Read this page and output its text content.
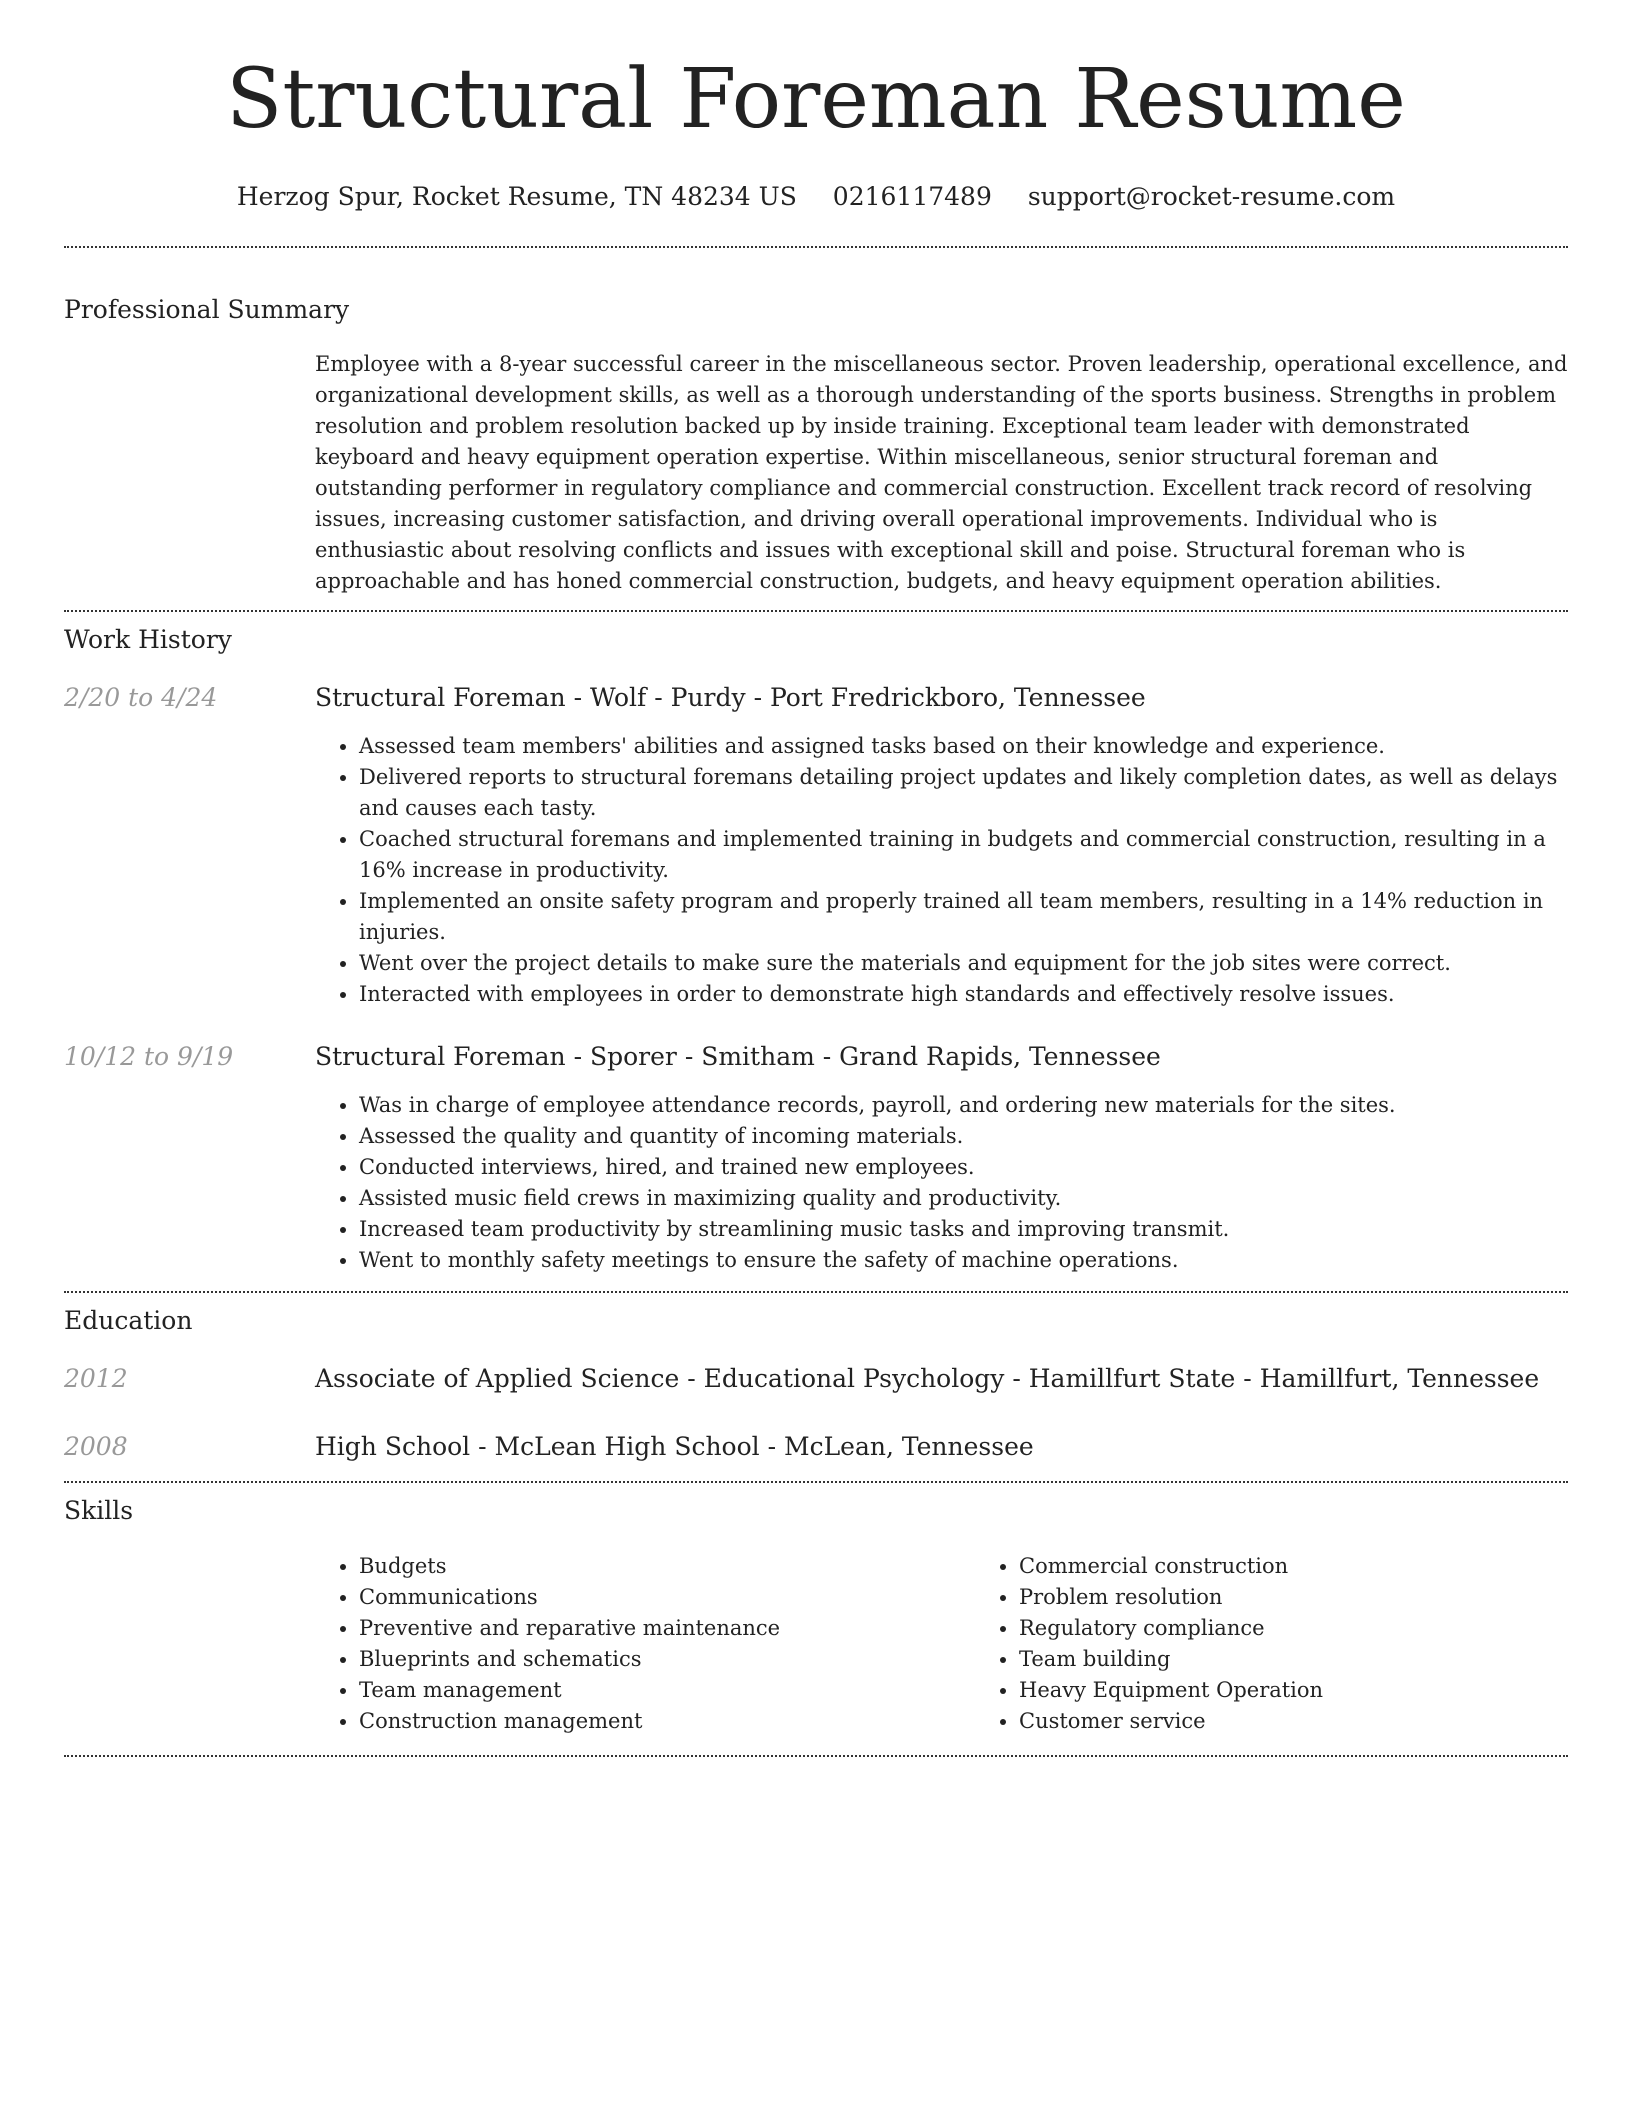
Structural Foreman Resume
Herzog Spur, Rocket Resume, TN 48234 US 0216117489 support@rocket-resume.com
Professional Summary

Employee with a 8-year successful career in the miscellaneous sector. Proven leadership, operational excellence, and organizational development skills, as well as a thorough understanding of the sports business. Strengths in problem resolution and problem resolution backed up by inside training. Exceptional team leader with demonstrated keyboard and heavy equipment operation expertise. Within miscellaneous, senior structural foreman and outstanding performer in regulatory compliance and commercial construction. Excellent track record of resolving issues, increasing customer satisfaction, and driving overall operational improvements. Individual who is enthusiastic about resolving conflicts and issues with exceptional skill and poise. Structural foreman who is approachable and has honed commercial construction, budgets, and heavy equipment operation abilities.

Work History
2/20 to 4/24	Structural Foreman - Wolf - Purdy - Port Fredrickboro, Tennessee
• Assessed team members' abilities and assigned tasks based on their knowledge and experience.
• Delivered reports to structural foremans detailing project updates and likely completion dates, as well as delays and causes each tasty.
• Coached structural foremans and implemented training in budgets and commercial construction, resulting in a 16% increase in productivity.
• Implemented an onsite safety program and properly trained all team members, resulting in a 14% reduction in injuries.
• Went over the project details to make sure the materials and equipment for the job sites were correct.
• Interacted with employees in order to demonstrate high standards and effectively resolve issues.
10/12 to 9/19	Structural Foreman - Sporer - Smitham - Grand Rapids, Tennessee
• Was in charge of employee attendance records, payroll, and ordering new materials for the sites.
• Assessed the quality and quantity of incoming materials.
• Conducted interviews, hired, and trained new employees.
• Assisted music field crews in maximizing quality and productivity.
• Increased team productivity by streamlining music tasks and improving transmit.
• Went to monthly safety meetings to ensure the safety of machine operations.
Education
2012	Associate of Applied Science - Educational Psychology - Hamillfurt State - Hamillfurt, Tennessee
2008	High School - McLean High School - McLean, Tennessee
Skills
• Budgets
• Communications
• Preventive and reparative maintenance
• Blueprints and schematics
• Team management
• Construction management
• Commercial construction
• Problem resolution
• Regulatory compliance
• Team building
• Heavy Equipment Operation
• Customer service
